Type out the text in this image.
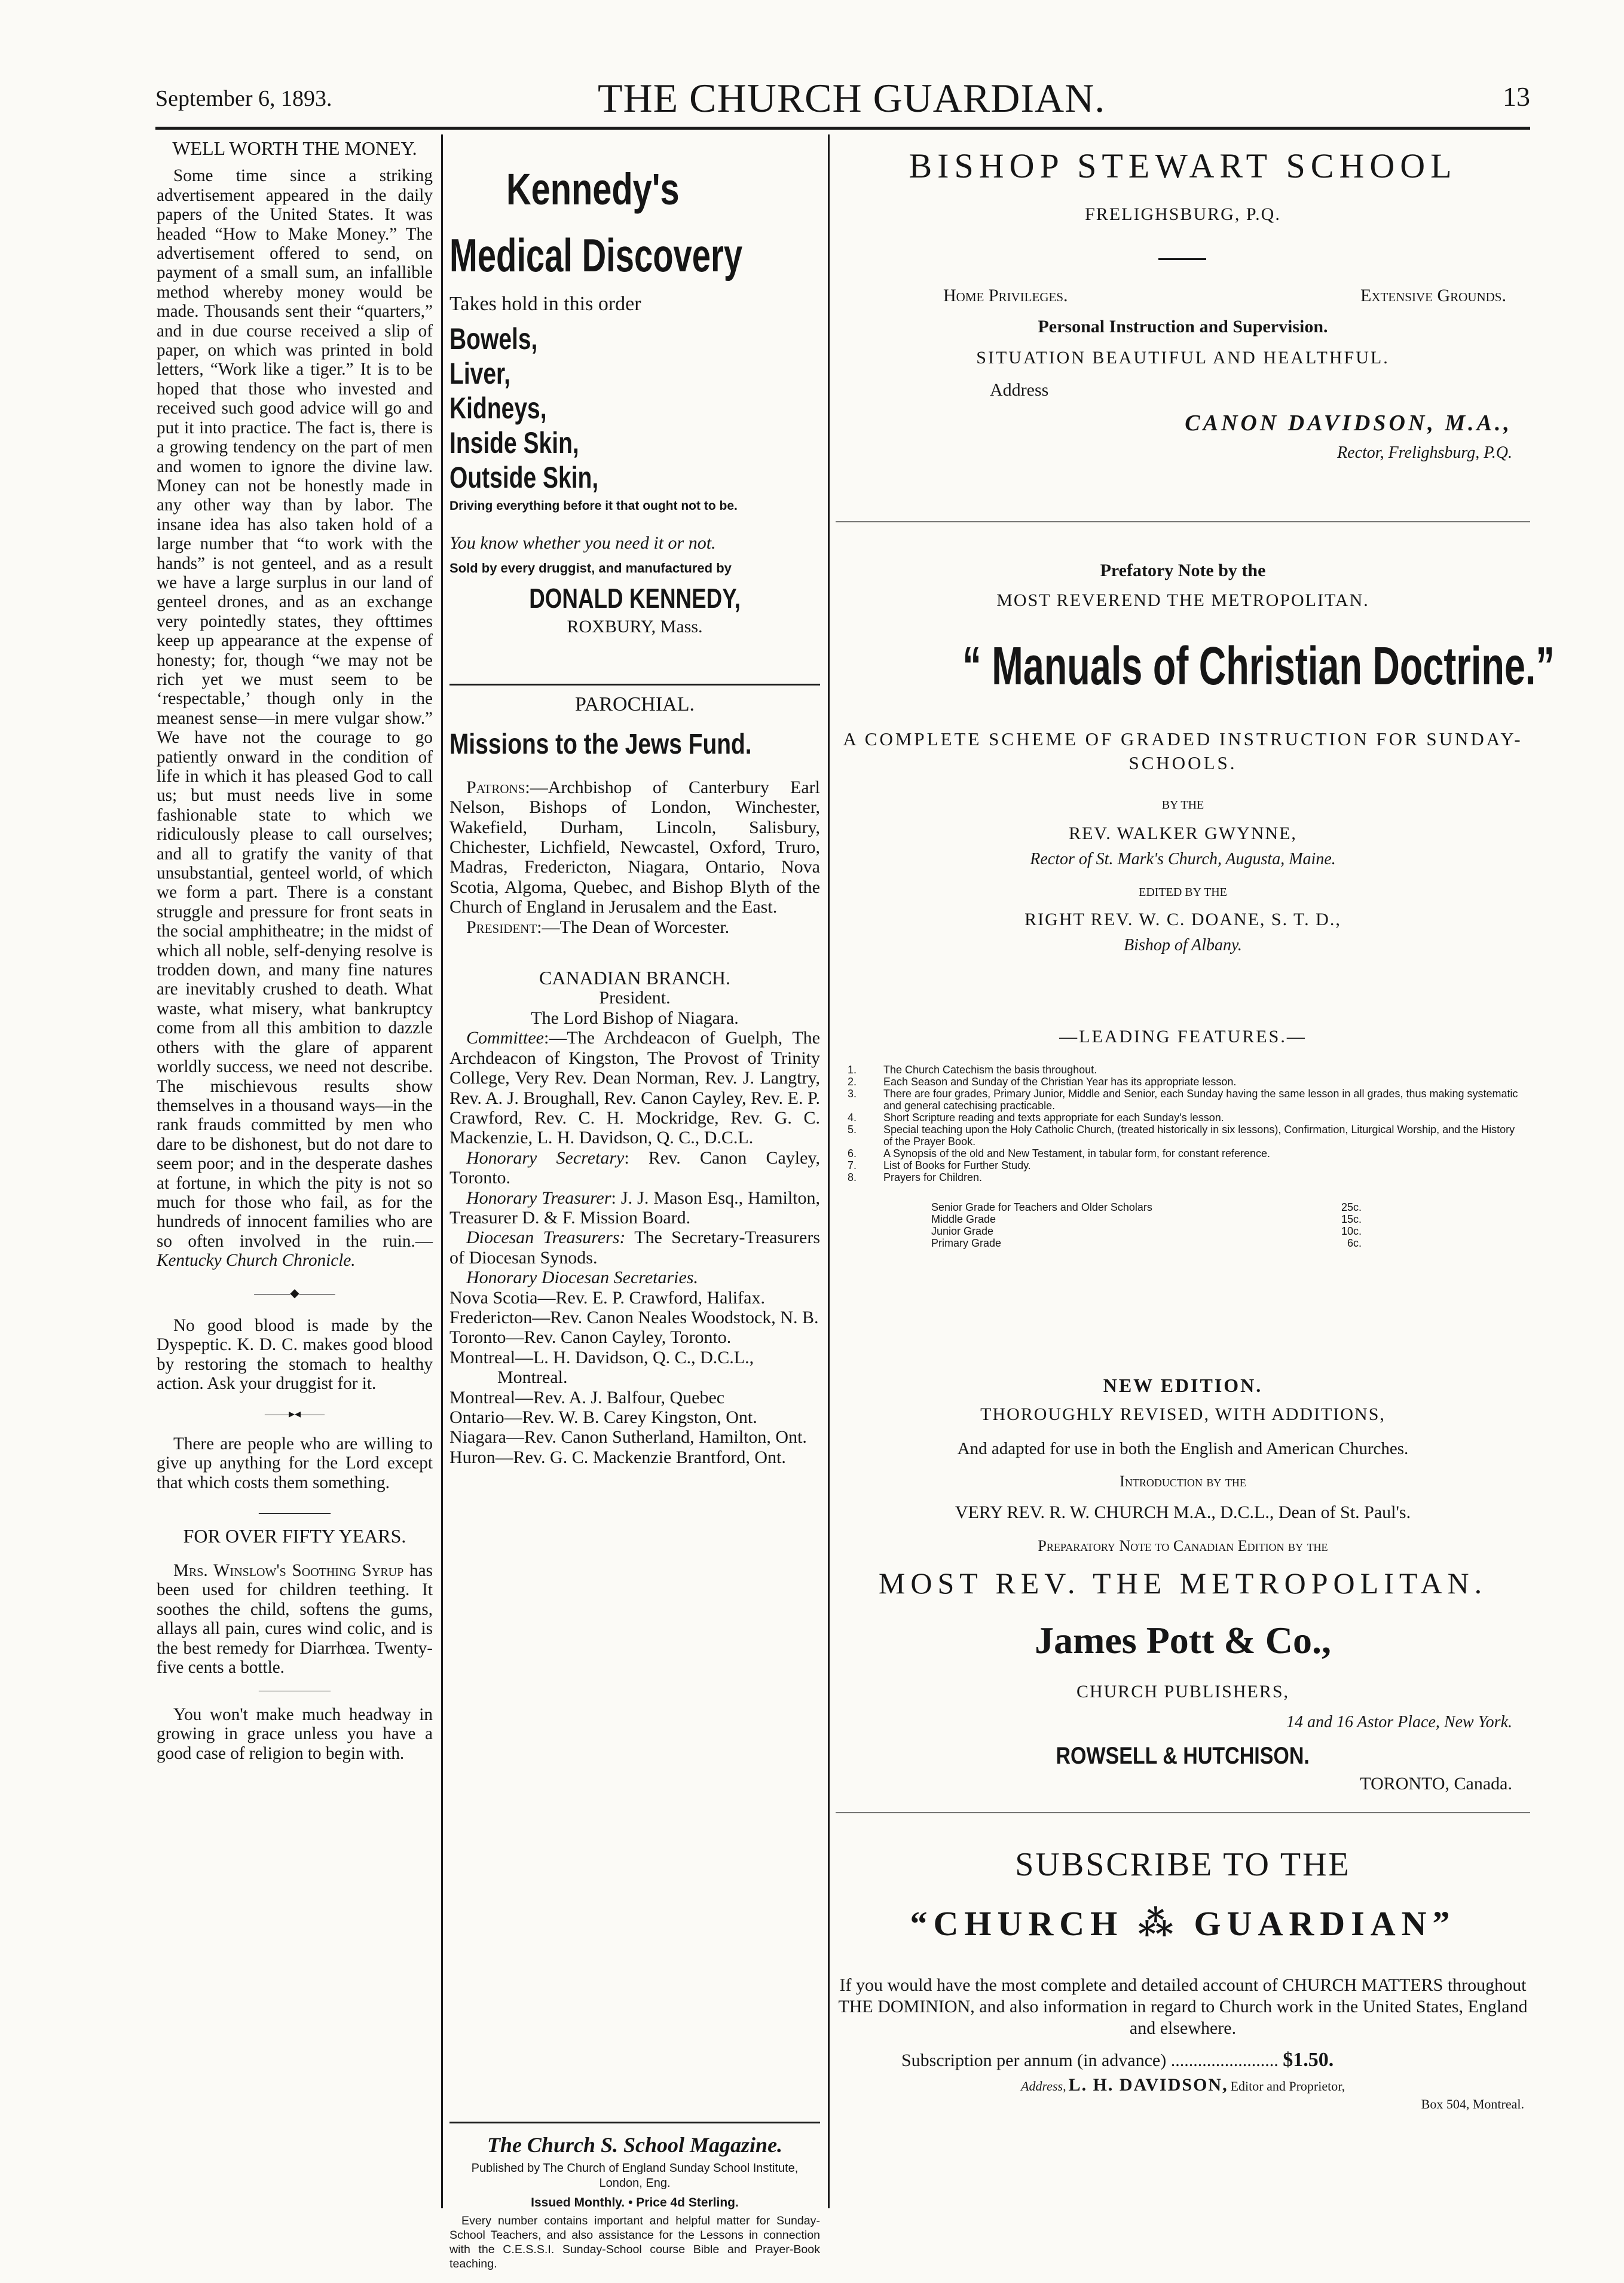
September 6, 1893.	THE CHURCH GUARDIAN.	13
WELL WORTH THE MONEY.

Some time since a striking advertisement appeared in the daily papers of the United States. It was headed “How to Make Money.” The advertisement offered to send, on payment of a small sum, an infallible method whereby money would be made. Thousands sent their “quarters,” and in due course received a slip of paper, on which was printed in bold letters, “Work like a tiger.” It is to be hoped that those who invested and received such good advice will go and put it into practice. The fact is, there is a growing tendency on the part of men and women to ignore the divine law. Money can not be honestly made in any other way than by labor. The insane idea has also taken hold of a large number that “to work with the hands” is not genteel, and as a result we have a large surplus in our land of genteel drones, and as an exchange very pointedly states, they ofttimes keep up appearance at the expense of honesty; for, though “we may not be rich yet we must seem to be ‘respectable,’ though only in the meanest sense—in mere vulgar show.” We have not the courage to go patiently onward in the condition of life in which it has pleased God to call us; but must needs live in some fashionable state to which we ridiculously please to call ourselves; and all to gratify the vanity of that unsubstantial, genteel world, of which we form a part. There is a constant struggle and pressure for front seats in the social amphitheatre; in the midst of which all noble, self-denying resolve is trodden down, and many fine natures are inevitably crushed to death. What waste, what misery, what bankruptcy come from all this ambition to dazzle others with the glare of apparent worldly success, we need not describe. The mischievous results show themselves in a thousand ways—in the rank frauds committed by men who dare to be dishonest, but do not dare to seem poor; and in the desperate dashes at fortune, in which the pity is not so much for those who fail, as for the hundreds of innocent families who are so often involved in the ruin.—Kentucky Church Chronicle.

―――◆―――

No good blood is made by the Dyspeptic. K. D. C. makes good blood by restoring the stomach to healthy action. Ask your druggist for it.

――▸◂――

There are people who are willing to give up anything for the Lord except that which costs them something.

――――――
FOR OVER FIFTY YEARS.

Mrs. Winslow's Soothing Syrup has been used for children teething. It soothes the child, softens the gums, allays all pain, cures wind colic, and is the best remedy for Diarrhœa. Twenty-five cents a bottle.

――――――

You won't make much headway in growing in grace unless you have a good case of religion to begin with.

Kennedy's
Medical Discovery
Takes hold in this order
Bowels,
Liver,
Kidneys,
Inside Skin,
Outside Skin,
Driving everything before it that ought not to be.
You know whether you need it or not.
Sold by every druggist, and manufactured by
DONALD KENNEDY,
ROXBURY, Mass.
PAROCHIAL.
Missions to the Jews Fund.

Patrons:—Archbishop of Canterbury Earl Nelson, Bishops of London, Winchester, Wakefield, Durham, Lincoln, Salisbury, Chichester, Lichfield, Newcastel, Oxford, Truro, Madras, Fredericton, Niagara, Ontario, Nova Scotia, Algoma, Quebec, and Bishop Blyth of the Church of England in Jerusalem and the East.

President:—The Dean of Worcester.

CANADIAN BRANCH.
President.
The Lord Bishop of Niagara.

Committee:—The Archdeacon of Guelph, The Archdeacon of Kingston, The Provost of Trinity College, Very Rev. Dean Norman, Rev. J. Langtry, Rev. A. J. Broughall, Rev. Canon Cayley, Rev. E. P. Crawford, Rev. C. H. Mockridge, Rev. G. C. Mackenzie, L. H. Davidson, Q. C., D.C.L.

Honorary Secretary: Rev. Canon Cayley, Toronto.

Honorary Treasurer: J. J. Mason Esq., Hamilton, Treasurer D. & F. Mission Board.

Diocesan Treasurers: The Secretary-Treasurers of Diocesan Synods.

Honorary Diocesan Secretaries.
Nova Scotia—Rev. E. P. Crawford, Halifax.
Fredericton—Rev. Canon Neales Woodstock, N. B.
Toronto—Rev. Canon Cayley, Toronto.
Montreal—L. H. Davidson, Q. C., D.C.L., Montreal.
Montreal—Rev. A. J. Balfour, Quebec
Ontario—Rev. W. B. Carey Kingston, Ont.
Niagara—Rev. Canon Sutherland, Hamilton, Ont.
Huron—Rev. G. C. Mackenzie Brantford, Ont.
The Church S. School Magazine.
Published by The Church of England Sunday School Institute, London, Eng.
Issued Monthly. • Price 4d Sterling.
Every number contains important and helpful matter for Sunday-School Teachers, and also assistance for the Lessons in connection with the C.E.S.S.I. Sunday-School course Bible and Prayer-Book teaching.
BISHOP STEWART SCHOOL
FRELIGHSBURG, P.Q.
Home Privileges.	Extensive Grounds.
Personal Instruction and Supervision.
SITUATION BEAUTIFUL AND HEALTHFUL.
Address
CANON DAVIDSON, M.A.,
Rector, Frelighsburg, P.Q.
Prefatory Note by the
MOST REVEREND THE METROPOLITAN.
“ Manuals of Christian Doctrine.”
A COMPLETE SCHEME OF GRADED INSTRUCTION FOR SUNDAY-SCHOOLS.
BY THE
REV. WALKER GWYNNE,
Rector of St. Mark's Church, Augusta, Maine.
EDITED BY THE
RIGHT REV. W. C. DOANE, S. T. D.,
Bishop of Albany.
—LEADING FEATURES.—
1. The Church Catechism the basis throughout.
2. Each Season and Sunday of the Christian Year has its appropriate lesson.
3. There are four grades, Primary Junior, Middle and Senior, each Sunday having the same lesson in all grades, thus making systematic and general catechising practicable.
4. Short Scripture reading and texts appropriate for each Sunday's lesson.
5. Special teaching upon the Holy Catholic Church, (treated historically in six lessons), Confirmation, Liturgical Worship, and the History of the Prayer Book.
6. A Synopsis of the old and New Testament, in tabular form, for constant reference.
7. List of Books for Further Study.
8. Prayers for Children.
Senior Grade for Teachers and Older Scholars	25c.
Middle Grade	15c.
Junior Grade	10c.
Primary Grade	6c.
NEW EDITION.
THOROUGHLY REVISED, WITH ADDITIONS,
And adapted for use in both the English and American Churches.
Introduction by the
VERY REV. R. W. CHURCH M.A., D.C.L., Dean of St. Paul's.
Preparatory Note to Canadian Edition by the
MOST REV. THE METROPOLITAN.
James Pott & Co.,
CHURCH PUBLISHERS,
14 and 16 Astor Place, New York.
ROWSELL & HUTCHISON.
TORONTO, Canada.
SUBSCRIBE TO THE
“CHURCH ⁂ GUARDIAN”
If you would have the most complete and detailed account of CHURCH MATTERS throughout THE DOMINION, and also information in regard to Church work in the United States, England and elsewhere.
Subscription per annum (in advance) ........................ $1.50.
Address, L. H. DAVIDSON, Editor and Proprietor,
Box 504, Montreal.
